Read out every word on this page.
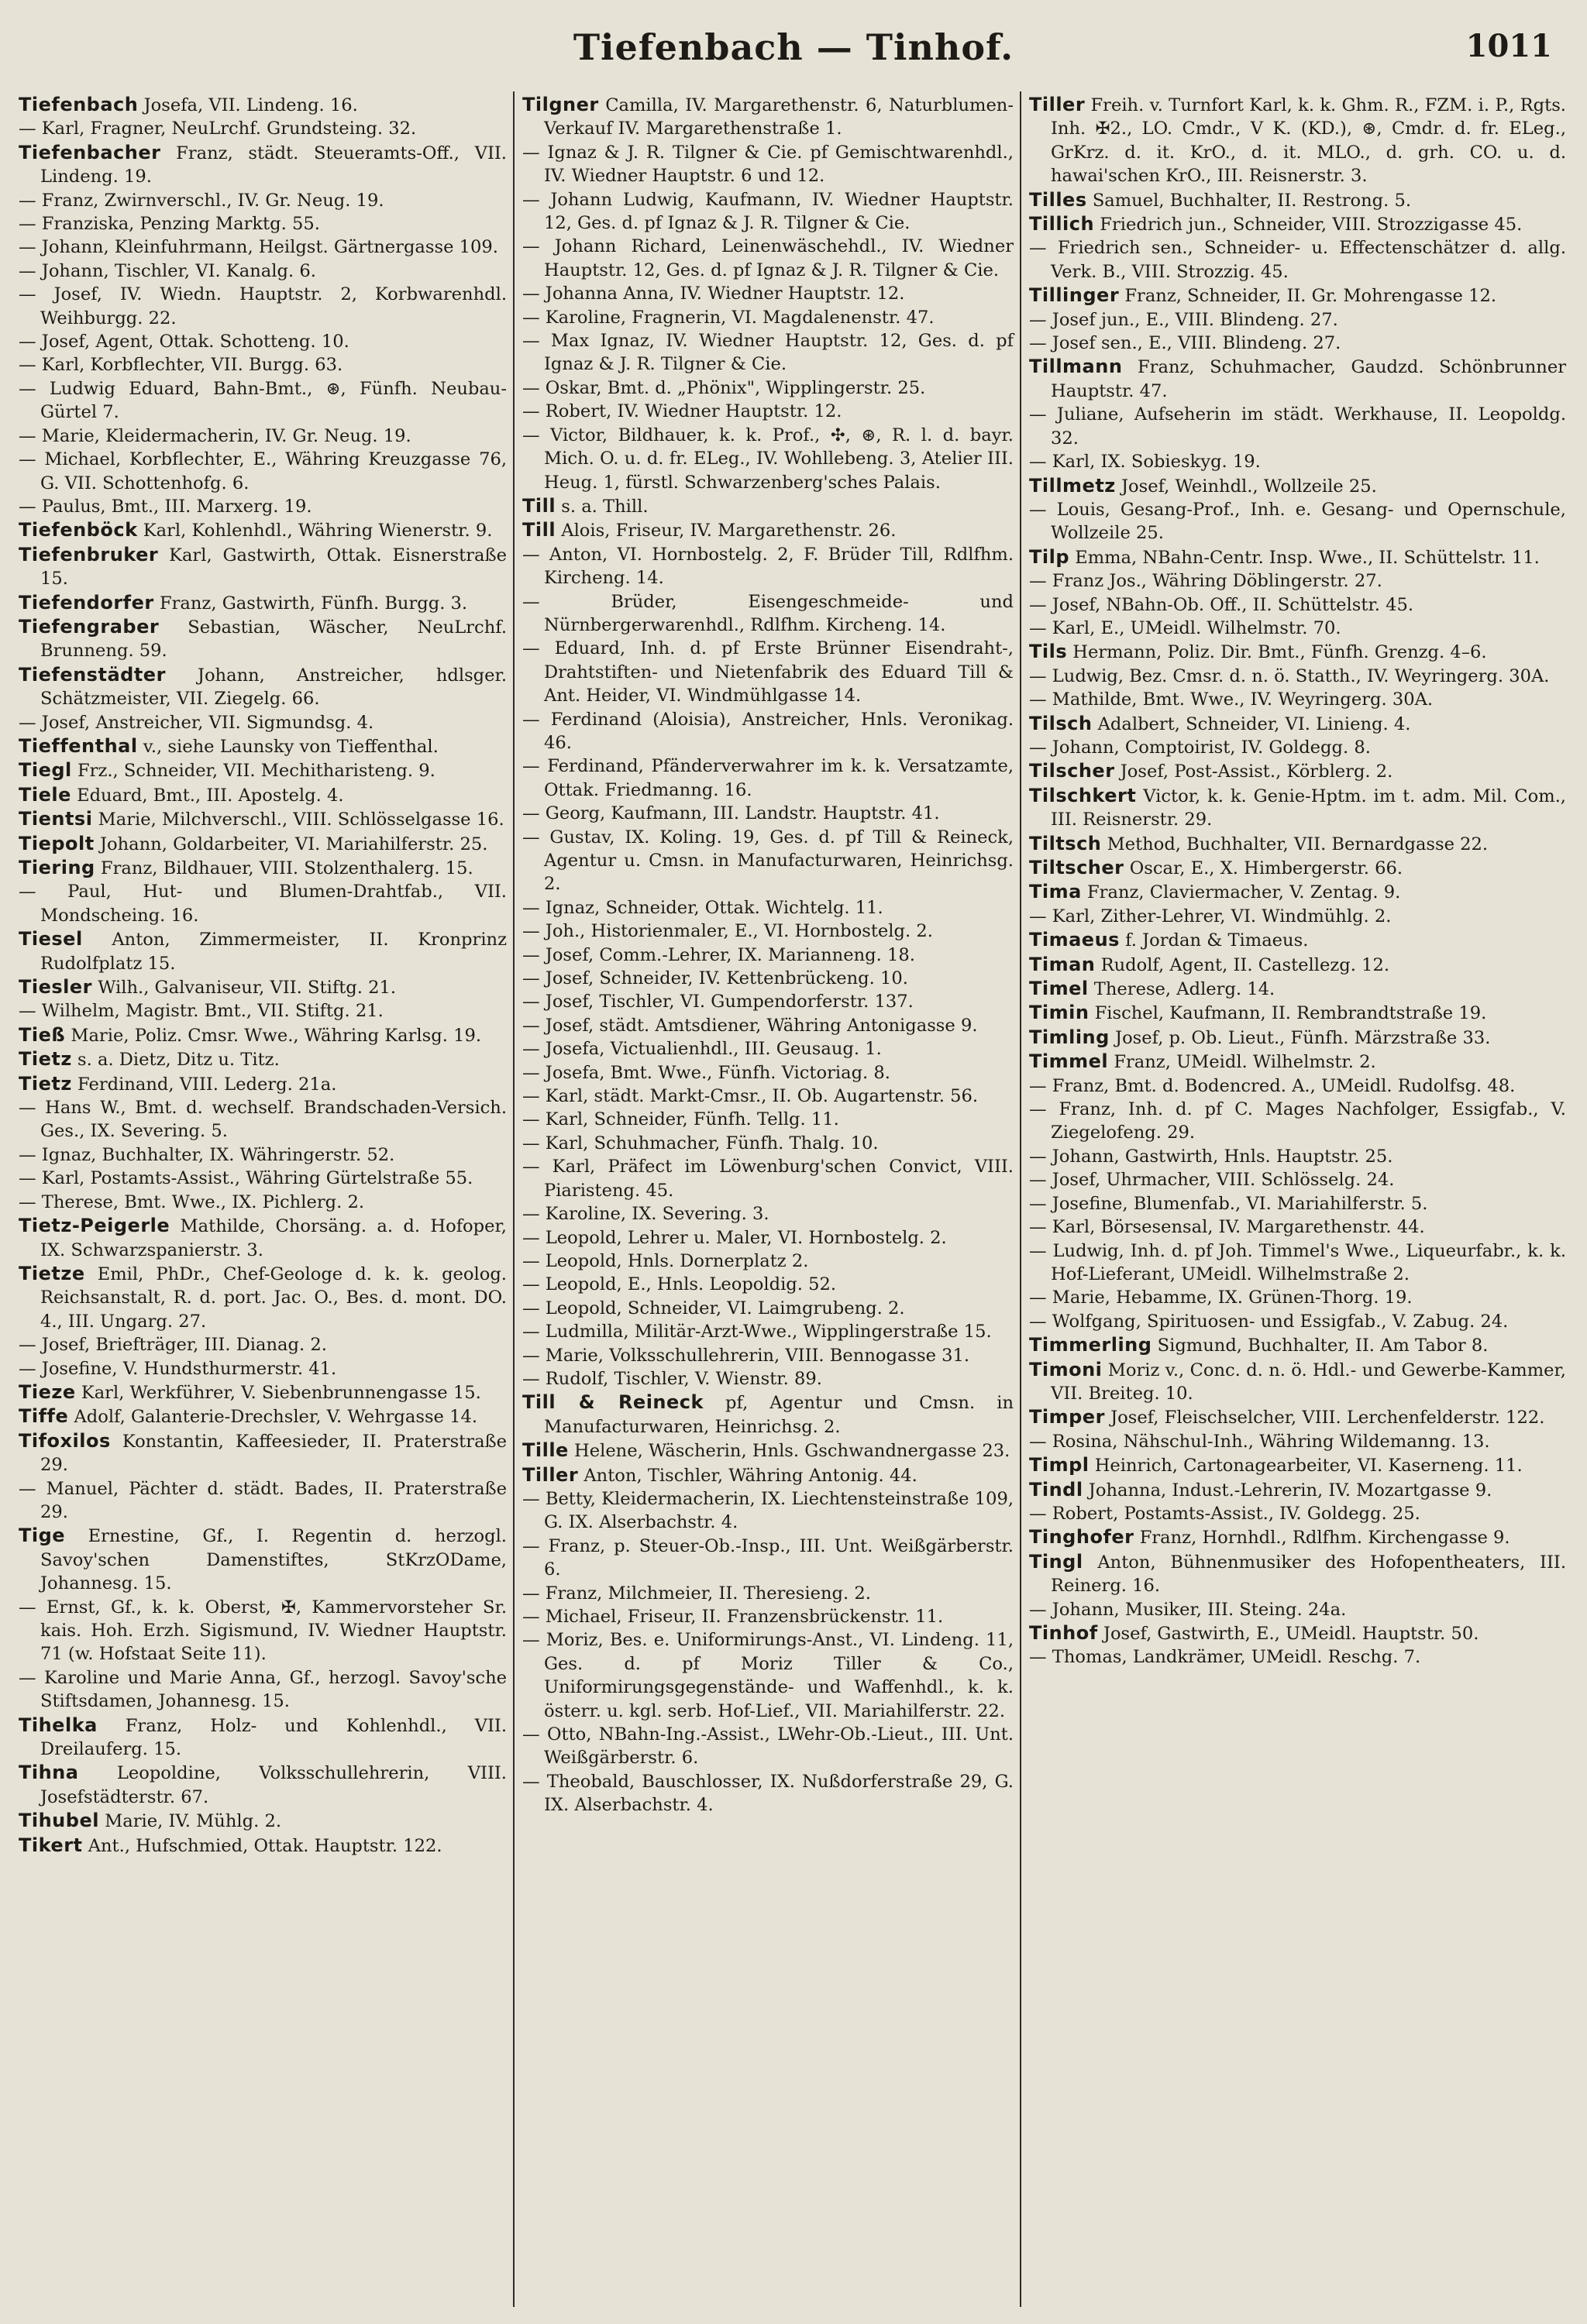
Tiefenbach — Tinhof.	1011
Tiefenbach Josefa, VII. Lindeng. 16.
— Karl, Fragner, NeuLrchf. Grundsteing. 32.
Tiefenbacher Franz, städt. Steueramts-Off., VII. Lindeng. 19.
— Franz, Zwirnverschl., IV. Gr. Neug. 19.
— Franziska, Penzing Marktg. 55.
— Johann, Kleinfuhrmann, Heilgst. Gärtnergasse 109.
— Johann, Tischler, VI. Kanalg. 6.
— Josef, IV. Wiedn. Hauptstr. 2, Korbwarenhdl. Weihburgg. 22.
— Josef, Agent, Ottak. Schotteng. 10.
— Karl, Korbflechter, VII. Burgg. 63.
— Ludwig Eduard, Bahn-Bmt., ⊛, Fünfh. Neubau-Gürtel 7.
— Marie, Kleidermacherin, IV. Gr. Neug. 19.
— Michael, Korbflechter, E., Währing Kreuzgasse 76, G. VII. Schottenhofg. 6.
— Paulus, Bmt., III. Marxerg. 19.
Tiefenböck Karl, Kohlenhdl., Währing Wienerstr. 9.
Tiefenbruker Karl, Gastwirth, Ottak. Eisnerstraße 15.
Tiefendorfer Franz, Gastwirth, Fünfh. Burgg. 3.
Tiefengraber Sebastian, Wäscher, NeuLrchf. Brunneng. 59.
Tiefenstädter Johann, Anstreicher, hdlsger. Schätzmeister, VII. Ziegelg. 66.
— Josef, Anstreicher, VII. Sigmundsg. 4.
Tieffenthal v., siehe Launsky von Tieffenthal.
Tiegl Frz., Schneider, VII. Mechitharisteng. 9.
Tiele Eduard, Bmt., III. Apostelg. 4.
Tientsi Marie, Milchverschl., VIII. Schlösselgasse 16.
Tiepolt Johann, Goldarbeiter, VI. Mariahilferstr. 25.
Tiering Franz, Bildhauer, VIII. Stolzenthalerg. 15.
— Paul, Hut- und Blumen-Drahtfab., VII. Mondscheing. 16.
Tiesel Anton, Zimmermeister, II. Kronprinz Rudolfplatz 15.
Tiesler Wilh., Galvaniseur, VII. Stiftg. 21.
— Wilhelm, Magistr. Bmt., VII. Stiftg. 21.
Tieß Marie, Poliz. Cmsr. Wwe., Währing Karlsg. 19.
Tietz s. a. Dietz, Ditz u. Titz.
Tietz Ferdinand, VIII. Lederg. 21a.
— Hans W., Bmt. d. wechself. Brandschaden-Versich. Ges., IX. Severing. 5.
— Ignaz, Buchhalter, IX. Währingerstr. 52.
— Karl, Postamts-Assist., Währing Gürtelstraße 55.
— Therese, Bmt. Wwe., IX. Pichlerg. 2.
Tietz-Peigerle Mathilde, Chorsäng. a. d. Hofoper, IX. Schwarzspanierstr. 3.
Tietze Emil, PhDr., Chef-Geologe d. k. k. geolog. Reichsanstalt, R. d. port. Jac. O., Bes. d. mont. DO. 4., III. Ungarg. 27.
— Josef, Briefträger, III. Dianag. 2.
— Josefine, V. Hundsthurmerstr. 41.
Tieze Karl, Werkführer, V. Siebenbrunnengasse 15.
Tiffe Adolf, Galanterie-Drechsler, V. Wehrgasse 14.
Tifoxilos Konstantin, Kaffeesieder, II. Praterstraße 29.
— Manuel, Pächter d. städt. Bades, II. Praterstraße 29.
Tige Ernestine, Gf., I. Regentin d. herzogl. Savoy'schen Damenstiftes, StKrzODame, Johannesg. 15.
— Ernst, Gf., k. k. Oberst, ✠, Kammervorsteher Sr. kais. Hoh. Erzh. Sigismund, IV. Wiedner Hauptstr. 71 (w. Hofstaat Seite 11).
— Karoline und Marie Anna, Gf., herzogl. Savoy'sche Stiftsdamen, Johannesg. 15.
Tihelka Franz, Holz- und Kohlenhdl., VII. Dreilauferg. 15.
Tihna Leopoldine, Volksschullehrerin, VIII. Josefstädterstr. 67.
Tihubel Marie, IV. Mühlg. 2.
Tikert Ant., Hufschmied, Ottak. Hauptstr. 122.
Tilgner Camilla, IV. Margarethenstr. 6, Naturblumen-Verkauf IV. Margarethenstraße 1.
— Ignaz & J. R. Tilgner & Cie. pf Gemischtwarenhdl., IV. Wiedner Hauptstr. 6 und 12.
— Johann Ludwig, Kaufmann, IV. Wiedner Hauptstr. 12, Ges. d. pf Ignaz & J. R. Tilgner & Cie.
— Johann Richard, Leinenwäschehdl., IV. Wiedner Hauptstr. 12, Ges. d. pf Ignaz & J. R. Tilgner & Cie.
— Johanna Anna, IV. Wiedner Hauptstr. 12.
— Karoline, Fragnerin, VI. Magdalenenstr. 47.
— Max Ignaz, IV. Wiedner Hauptstr. 12, Ges. d. pf Ignaz & J. R. Tilgner & Cie.
— Oskar, Bmt. d. „Phönix", Wipplingerstr. 25.
— Robert, IV. Wiedner Hauptstr. 12.
— Victor, Bildhauer, k. k. Prof., ✣, ⊛, R. l. d. bayr. Mich. O. u. d. fr. ELeg., IV. Wohllebeng. 3, Atelier III. Heug. 1, fürstl. Schwarzenberg'sches Palais.
Till s. a. Thill.
Till Alois, Friseur, IV. Margarethenstr. 26.
— Anton, VI. Hornbostelg. 2, F. Brüder Till, Rdlfhm. Kircheng. 14.
— Brüder, Eisengeschmeide- und Nürnbergerwarenhdl., Rdlfhm. Kircheng. 14.
— Eduard, Inh. d. pf Erste Brünner Eisendraht-, Drahtstiften- und Nietenfabrik des Eduard Till & Ant. Heider, VI. Windmühlgasse 14.
— Ferdinand (Aloisia), Anstreicher, Hnls. Veronikag. 46.
— Ferdinand, Pfänderverwahrer im k. k. Versatzamte, Ottak. Friedmanng. 16.
— Georg, Kaufmann, III. Landstr. Hauptstr. 41.
— Gustav, IX. Koling. 19, Ges. d. pf Till & Reineck, Agentur u. Cmsn. in Manufacturwaren, Heinrichsg. 2.
— Ignaz, Schneider, Ottak. Wichtelg. 11.
— Joh., Historienmaler, E., VI. Hornbostelg. 2.
— Josef, Comm.-Lehrer, IX. Mariannеng. 18.
— Josef, Schneider, IV. Kettenbrückeng. 10.
— Josef, Tischler, VI. Gumpendorferstr. 137.
— Josef, städt. Amtsdiener, Währing Antonigasse 9.
— Josefa, Victualienhdl., III. Geusaug. 1.
— Josefa, Bmt. Wwe., Fünfh. Victoriag. 8.
— Karl, städt. Markt-Cmsr., II. Ob. Augartenstr. 56.
— Karl, Schneider, Fünfh. Tellg. 11.
— Karl, Schuhmacher, Fünfh. Thalg. 10.
— Karl, Präfect im Löwenburg'schen Convict, VIII. Piaristeng. 45.
— Karoline, IX. Severing. 3.
— Leopold, Lehrer u. Maler, VI. Hornbostelg. 2.
— Leopold, Hnls. Dornerplatz 2.
— Leopold, E., Hnls. Leopoldig. 52.
— Leopold, Schneider, VI. Laimgrubeng. 2.
— Ludmilla, Militär-Arzt-Wwe., Wipplingerstraße 15.
— Marie, Volksschullehrerin, VIII. Bennogasse 31.
— Rudolf, Tischler, V. Wienstr. 89.
Till & Reineck pf, Agentur und Cmsn. in Manufacturwaren, Heinrichsg. 2.
Tille Helene, Wäscherin, Hnls. Gschwandnergasse 23.
Tiller Anton, Tischler, Währing Antonig. 44.
— Betty, Kleidermacherin, IX. Liechtensteinstraße 109, G. IX. Alserbachstr. 4.
— Franz, p. Steuer-Ob.-Insp., III. Unt. Weißgärberstr. 6.
— Franz, Milchmeier, II. Theresieng. 2.
— Michael, Friseur, II. Franzensbrückenstr. 11.
— Moriz, Bes. e. Uniformirungs-Anst., VI. Lindeng. 11, Ges. d. pf Moriz Tiller & Co., Uniformirungsgegenstände- und Waffenhdl., k. k. österr. u. kgl. serb. Hof-Lief., VII. Mariahilferstr. 22.
— Otto, NBahn-Ing.-Assist., LWehr-Ob.-Lieut., III. Unt. Weißgärberstr. 6.
— Theobald, Bauschlosser, IX. Nußdorferstraße 29, G. IX. Alserbachstr. 4.
Tiller Freih. v. Turnfort Karl, k. k. Ghm. R., FZM. i. P., Rgts. Inh. ✠2., LO. Cmdr., V K. (KD.), ⊛, Cmdr. d. fr. ELeg., GrKrz. d. it. KrO., d. it. MLO., d. grh. CO. u. d. hawai'schen KrO., III. Reisnerstr. 3.
Tilles Samuel, Buchhalter, II. Restrong. 5.
Tillich Friedrich jun., Schneider, VIII. Strozzigasse 45.
— Friedrich sen., Schneider- u. Effectenschätzer d. allg. Verk. B., VIII. Strozzig. 45.
Tillinger Franz, Schneider, II. Gr. Mohrengasse 12.
— Josef jun., E., VIII. Blindeng. 27.
— Josef sen., E., VIII. Blindeng. 27.
Tillmann Franz, Schuhmacher, Gaudzd. Schönbrunner Hauptstr. 47.
— Juliane, Aufseherin im städt. Werkhause, II. Leopoldg. 32.
— Karl, IX. Sobieskyg. 19.
Tillmetz Josef, Weinhdl., Wollzeile 25.
— Louis, Gesang-Prof., Inh. e. Gesang- und Opernschule, Wollzeile 25.
Tilp Emma, NBahn-Centr. Insp. Wwe., II. Schüttelstr. 11.
— Franz Jos., Währing Döblingerstr. 27.
— Josef, NBahn-Ob. Off., II. Schüttelstr. 45.
— Karl, E., UMeidl. Wilhelmstr. 70.
Tils Hermann, Poliz. Dir. Bmt., Fünfh. Grenzg. 4–6.
— Ludwig, Bez. Cmsr. d. n. ö. Statth., IV. Weyringerg. 30A.
— Mathilde, Bmt. Wwe., IV. Weyringerg. 30A.
Tilsch Adalbert, Schneider, VI. Linieng. 4.
— Johann, Comptoirist, IV. Goldegg. 8.
Tilscher Josef, Post-Assist., Körblerg. 2.
Tilschkert Victor, k. k. Genie-Hptm. im t. adm. Mil. Com., III. Reisnerstr. 29.
Tiltsch Method, Buchhalter, VII. Bernardgasse 22.
Tiltscher Oscar, E., X. Himbergerstr. 66.
Tima Franz, Claviermacher, V. Zentag. 9.
— Karl, Zither-Lehrer, VI. Windmühlg. 2.
Timaeus f. Jordan & Timaeus.
Timan Rudolf, Agent, II. Castellezg. 12.
Timel Therese, Adlerg. 14.
Timin Fischel, Kaufmann, II. Rembrandtstraße 19.
Timling Josef, p. Ob. Lieut., Fünfh. Märzstraße 33.
Timmel Franz, UMeidl. Wilhelmstr. 2.
— Franz, Bmt. d. Bodencred. A., UMeidl. Rudolfsg. 48.
— Franz, Inh. d. pf C. Mages Nachfolger, Essigfab., V. Ziegelofeng. 29.
— Johann, Gastwirth, Hnls. Hauptstr. 25.
— Josef, Uhrmacher, VIII. Schlösselg. 24.
— Josefine, Blumenfab., VI. Mariahilferstr. 5.
— Karl, Börsesensal, IV. Margarethenstr. 44.
— Ludwig, Inh. d. pf Joh. Timmel's Wwe., Liqueurfabr., k. k. Hof-Lieferant, UMeidl. Wilhelmstraße 2.
— Marie, Hebamme, IX. Grünen-Thorg. 19.
— Wolfgang, Spirituosen- und Essigfab., V. Zabug. 24.
Timmerling Sigmund, Buchhalter, II. Am Tabor 8.
Timoni Moriz v., Conc. d. n. ö. Hdl.- und Gewerbe-Kammer, VII. Breiteg. 10.
Timper Josef, Fleischselcher, VIII. Lerchenfelderstr. 122.
— Rosina, Nähschul-Inh., Währing Wildemanng. 13.
Timpl Heinrich, Cartonagearbeiter, VI. Kaserneng. 11.
Tindl Johanna, Indust.-Lehrerin, IV. Mozartgasse 9.
— Robert, Postamts-Assist., IV. Goldegg. 25.
Tinghofer Franz, Hornhdl., Rdlfhm. Kirchengasse 9.
Tingl Anton, Bühnenmusiker des Hofopentheaters, III. Reinerg. 16.
— Johann, Musiker, III. Steing. 24a.
Tinhof Josef, Gastwirth, E., UMeidl. Hauptstr. 50.
— Thomas, Landkrämer, UMeidl. Reschg. 7.
